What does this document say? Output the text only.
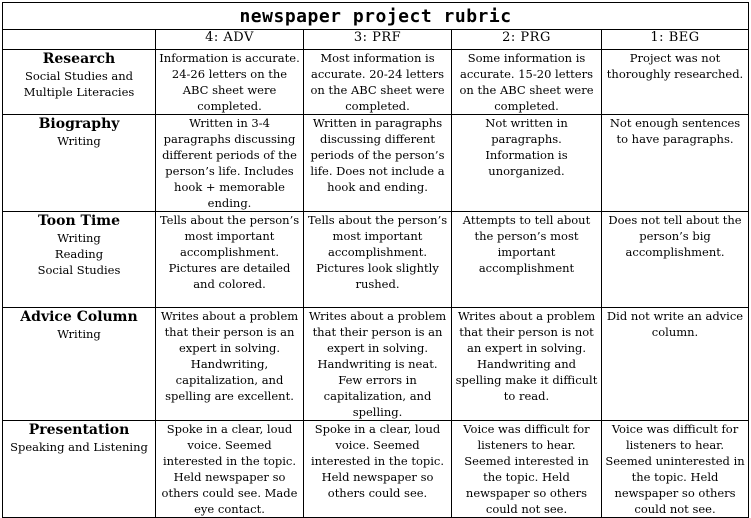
newspaper project rubric				
	4: ADV	3: PRF	2: PRG	1: BEG

Research
Social Studies and
Multiple Literacies	Information is accurate. 24-26 letters on the ABC sheet were completed.	Most information is accurate. 20-24 letters on the ABC sheet were completed.	Some information is accurate. 15-20 letters on the ABC sheet were completed.	Project was not thoroughly researched.

Biography
Writing	Written in 3-4 paragraphs discussing different periods of the person’s life. Includes hook + memorable ending.	Written in paragraphs discussing different periods of the person’s life. Does not include a hook and ending.	Not written in paragraphs. Information is unorganized.	Not enough sentences to have paragraphs.

Toon Time
Writing
Reading
Social Studies	Tells about the person’s most important accomplishment. Pictures are detailed and colored.	Tells about the person’s most important accomplishment. Pictures look slightly rushed.	Attempts to tell about the person’s most important accomplishment	Does not tell about the person’s big accomplishment.

Advice Column
Writing	Writes about a problem that their person is an expert in solving. Handwriting, capitalization, and spelling are excellent.	Writes about a problem that their person is an expert in solving. Handwriting is neat. Few errors in capitalization, and spelling.	Writes about a problem that their person is not an expert in solving. Handwriting and spelling make it difficult to read.	Did not write an advice column.

Presentation
Speaking and Listening	Spoke in a clear, loud voice. Seemed interested in the topic. Held newspaper so others could see. Made eye contact.	Spoke in a clear, loud voice. Seemed interested in the topic. Held newspaper so others could see.	Voice was difficult for listeners to hear. Seemed interested in the topic. Held newspaper so others could not see.	Voice was difficult for listeners to hear. Seemed uninterested in the topic. Held newspaper so others could not see.
